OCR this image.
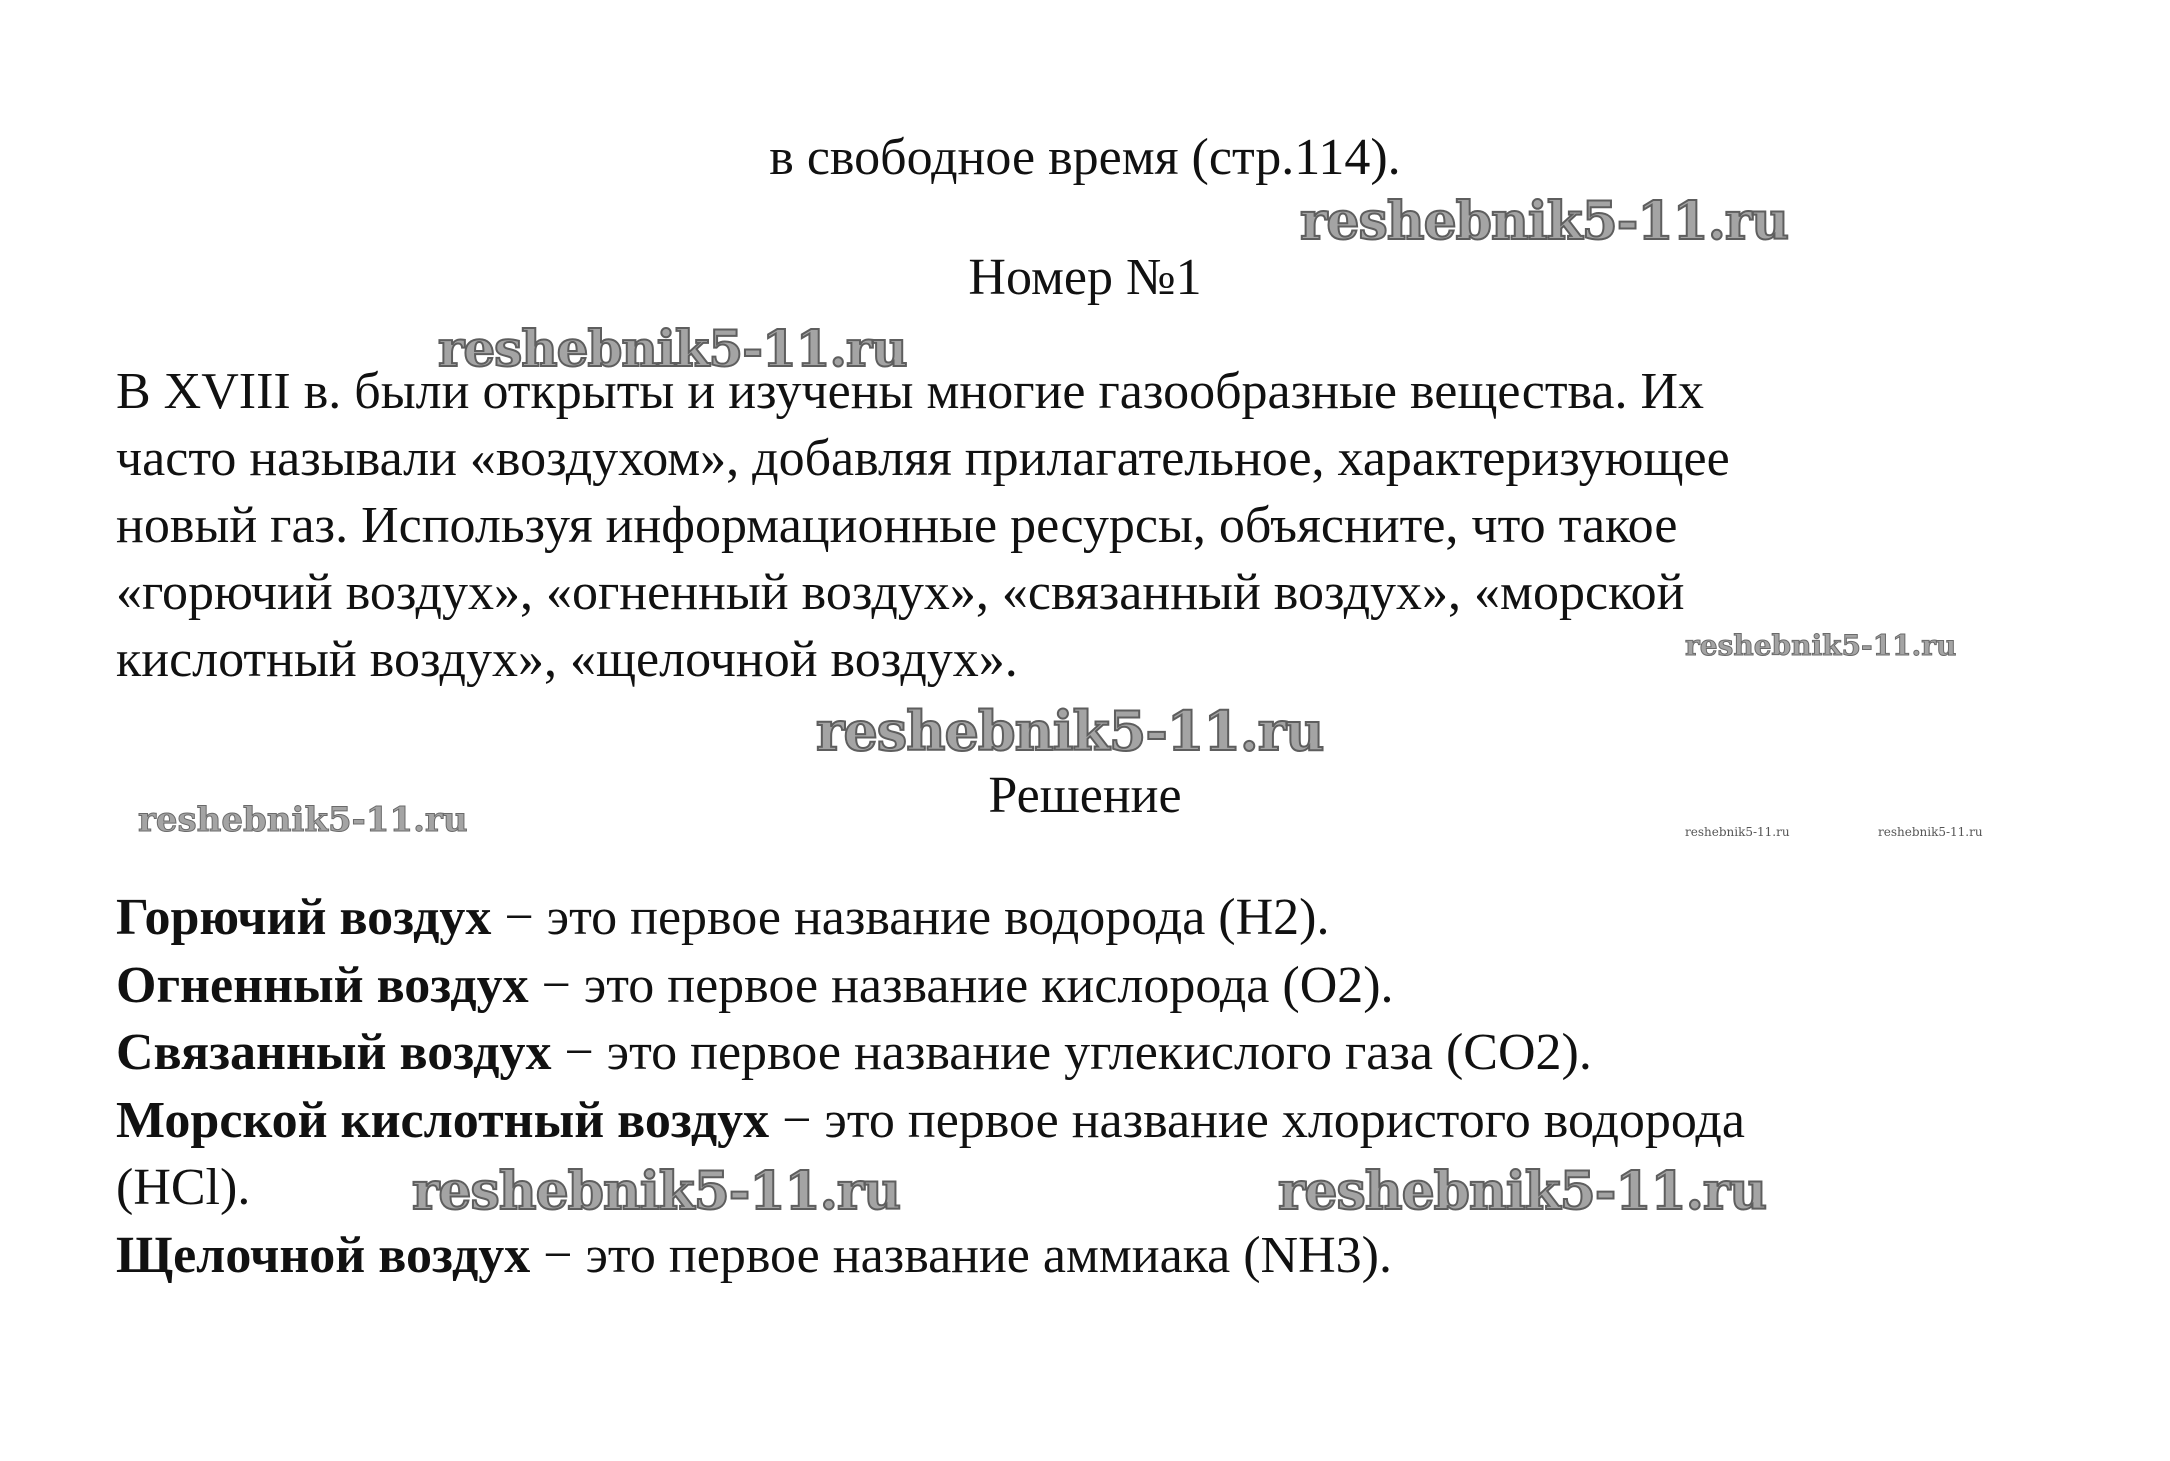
в свободное время (стр.114).
Номер №1
В XVIII в. были открыты и изучены многие газообразные вещества. Их
часто называли «воздухом», добавляя прилагательное, характеризующее
новый газ. Используя информационные ресурсы, объясните, что такое
«горючий воздух», «огненный воздух», «связанный воздух», «морской
кислотный воздух», «щелочной воздух».
Решение
Горючий воздух − это первое название водорода (H2).
Огненный воздух − это первое название кислорода (O2).
Связанный воздух − это первое название углекислого газа (CO2).
Морской кислотный воздух − это первое название хлористого водорода
(HCl).
Щелочной воздух − это первое название аммиака (NH3).
reshebnik5-11.ru
reshebnik5-11.ru
reshebnik5-11.ru
reshebnik5-11.ru
reshebnik5-11.ru	reshebnik5-11.ru	reshebnik5-11.ru
reshebnik5-11.ru	reshebnik5-11.ru
